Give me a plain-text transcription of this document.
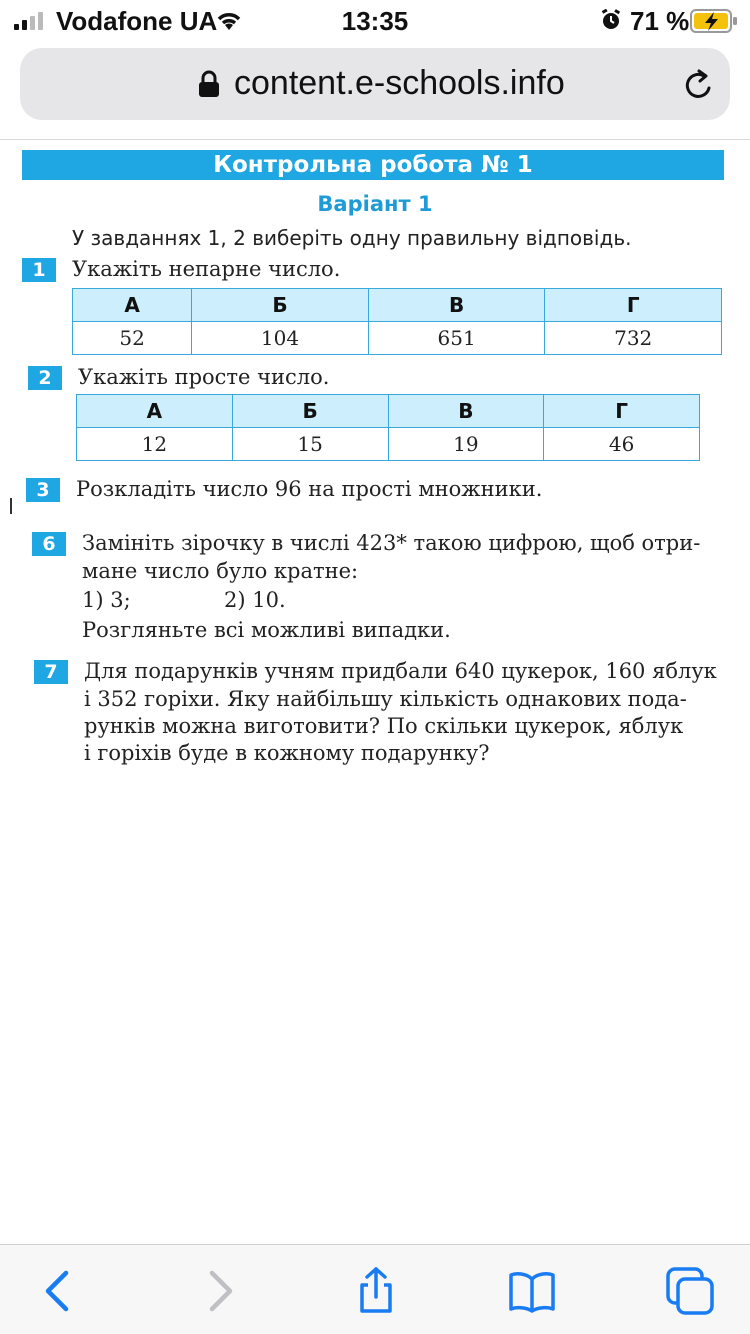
Vodafone UA	13:35	71 %
content.e-schools.info
Контрольна робота № 1
Варіант 1
У завданнях 1, 2 виберіть одну правильну відповідь.
1	Укажіть непарне число.
А	Б	В	Г
52	104	651	732
2	Укажіть просте число.
А	Б	В	Г
12	15	19	46
3	Розкладіть число 96 на прості множники.
6	Замініть зірочку в числі 423* такою цифрою, щоб отри-
мане число було кратне:
1) 3;	2) 10.
Розгляньте всі можливі випадки.
7	Для подарунків учням придбали 640 цукерок, 160 яблук
і 352 горіхи. Яку найбільшу кількість однакових пода-
рунків можна виготовити? По скільки цукерок, яблук
і горіхів буде в кожному подарунку?
